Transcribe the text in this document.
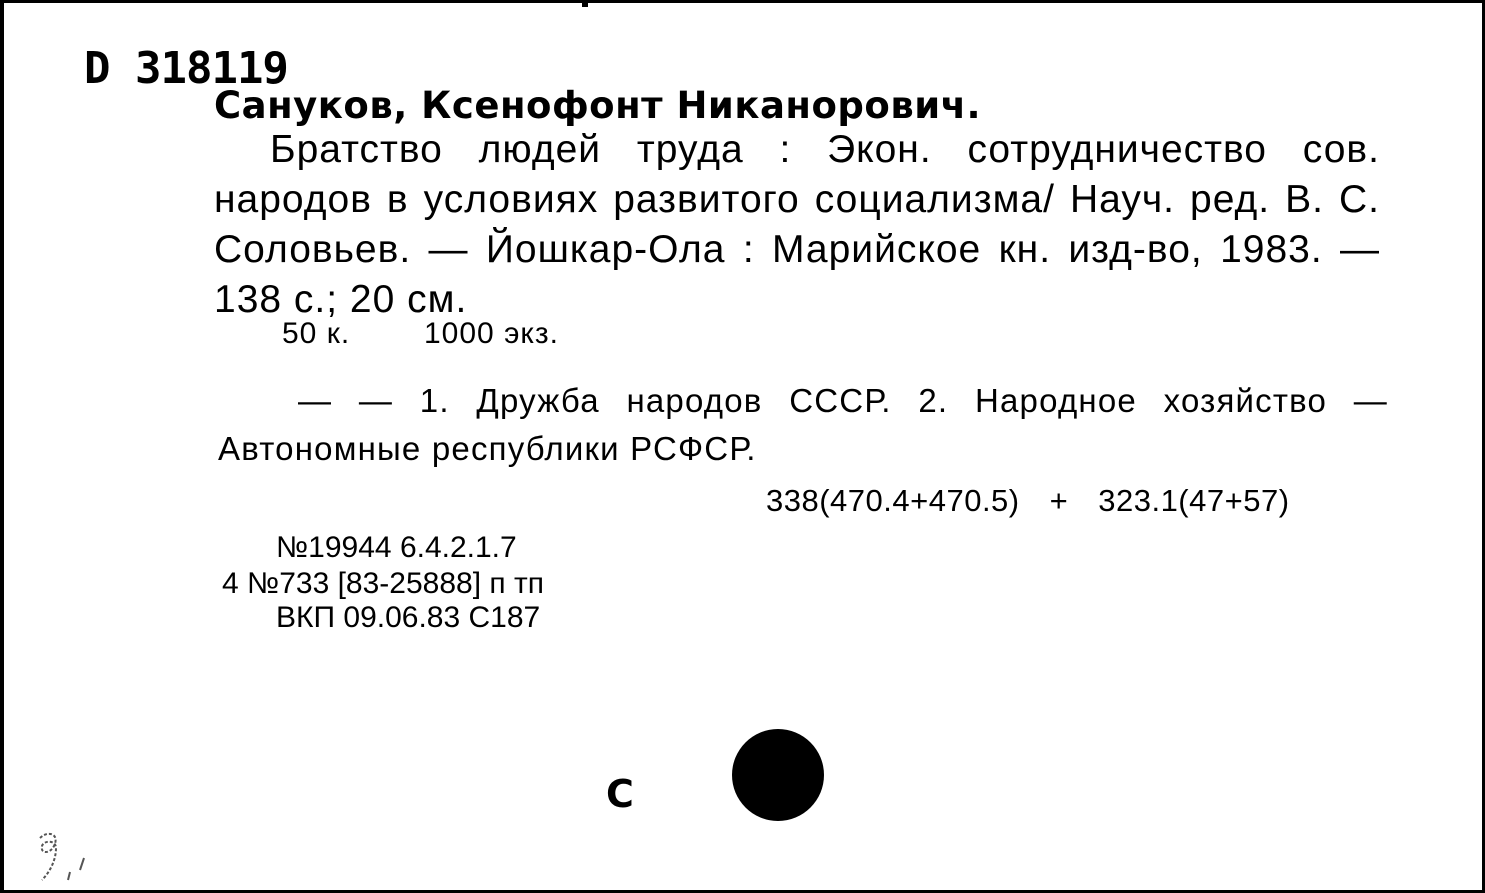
D 318119
Сануков, Ксенофонт Никанорович.
Братство людей труда : Экон. сотрудничество сов. народов в условиях развитого социализма/ Науч. ред. В. С. Соловьев. — Йошкар-Ола : Марийское кн. изд-во, 1983. — 138 с.; 20 см.
50 к. 1000 экз.
— — 1. Дружба народов СССР. 2. Народное хозяйство — Автономные республики РСФСР.
338(470.4+470.5) + 323.1(47+57)
№19944 6.4.2.1.7
4 №733 [83-25888] п тп
ВКП 09.06.83 С187
C
